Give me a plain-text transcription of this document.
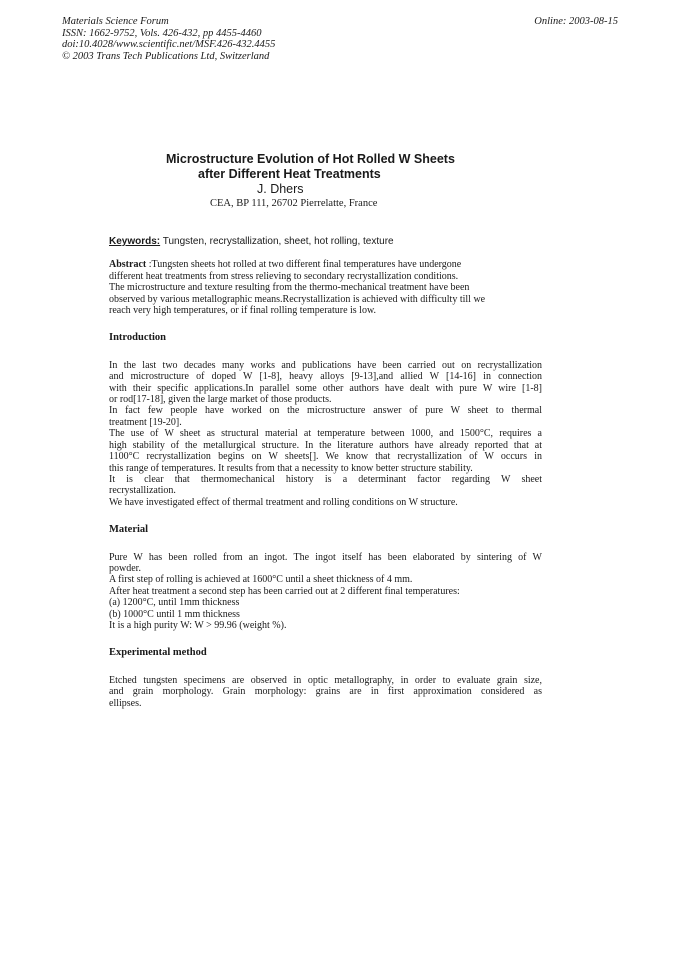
Materials Science Forum
ISSN: 1662-9752, Vols. 426-432, pp 4455-4460
doi:10.4028/www.scientific.net/MSF.426-432.4455
© 2003 Trans Tech Publications Ltd, Switzerland
Online: 2003-08-15
Microstructure Evolution of Hot Rolled W Sheets
after Different Heat Treatments
J. Dhers
CEA, BP 111, 26702 Pierrelatte, France
Keywords: Tungsten, recrystallization, sheet, hot rolling, texture
Abstract :Tungsten sheets hot rolled at two different final temperatures have undergone
different heat treatments from stress relieving to secondary recrystallization conditions.
The microstructure and texture resulting from the thermo-mechanical treatment have been
observed by various metallographic means.Recrystallization is achieved with difficulty till we
reach very high temperatures, or if final rolling temperature is low.
Introduction

In the last two decades many works and publications have been carried out on recrystallization
and microstructure of doped W [1-8], heavy alloys [9-13],and allied W [14-16] in connection
with their specific applications.In parallel some other authors have dealt with pure W wire [1-8]
or rod[17-18], given the large market of those products.
In fact few people have worked on the microstructure answer of pure W sheet to thermal
treatment [19-20].
The use of W sheet as structural material at temperature between 1000, and 1500°C, requires a
high stability of the metallurgical structure. In the literature authors have already reported that at
1100°C recrystallization begins on W sheets[]. We know that recrystallization of W occurs in
this range of temperatures. It results from that a necessity to know better structure stability.
It is clear that thermomechanical history is a determinant factor regarding W sheet
recrystallization.
We have investigated effect of thermal treatment and rolling conditions on W structure.

Material

Pure W has been rolled from an ingot. The ingot itself has been elaborated by sintering of W
powder.
A first step of rolling is achieved at 1600°C until a sheet thickness of 4 mm.
After heat treatment a second step has been carried out at 2 different final temperatures:
(a) 1200°C, until 1mm thickness
(b) 1000°C until 1 mm thickness
It is a high purity W: W > 99.96 (weight %).

Experimental method

Etched tungsten specimens are observed in optic metallography, in order to evaluate grain size,
and grain morphology. Grain morphology: grains are in first approximation considered as
ellipses.
